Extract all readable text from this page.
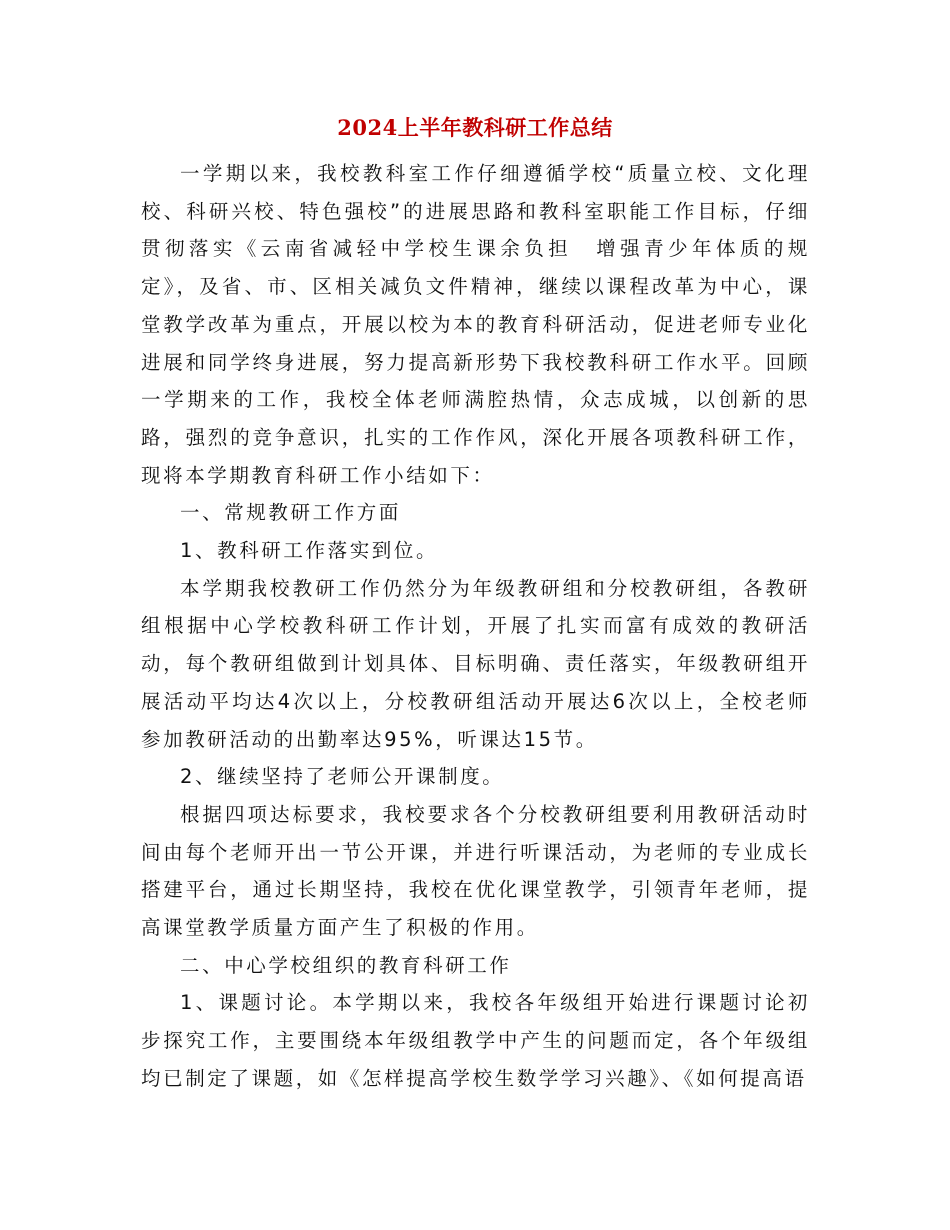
2024上半年教科研工作总结

一学期以来，我校教科室工作仔细遵循学校“质量立校、文化理校、科研兴校、特色强校”的进展思路和教科室职能工作目标，仔细贯彻落实《云南省减轻中学校生课余负担　增强青少年体质的规定》，及省、市、区相关减负文件精神，继续以课程改革为中心，课堂教学改革为重点，开展以校为本的教育科研活动，促进老师专业化进展和同学终身进展，努力提高新形势下我校教科研工作水平。回顾一学期来的工作，我校全体老师满腔热情，众志成城，以创新的思路，强烈的竞争意识，扎实的工作作风，深化开展各项教科研工作，现将本学期教育科研工作小结如下：

一、常规教研工作方面

1、教科研工作落实到位。

本学期我校教研工作仍然分为年级教研组和分校教研组，各教研组根据中心学校教科研工作计划，开展了扎实而富有成效的教研活动，每个教研组做到计划具体、目标明确、责任落实，年级教研组开展活动平均达4次以上，分校教研组活动开展达6次以上，全校老师参加教研活动的出勤率达95%，听课达15节。

2、继续坚持了老师公开课制度。

根据四项达标要求，我校要求各个分校教研组要利用教研活动时间由每个老师开出一节公开课，并进行听课活动，为老师的专业成长搭建平台，通过长期坚持，我校在优化课堂教学，引领青年老师，提高课堂教学质量方面产生了积极的作用。

二、中心学校组织的教育科研工作

1、课题讨论。本学期以来，我校各年级组开始进行课题讨论初步探究工作，主要围绕本年级组教学中产生的问题而定，各个年级组均已制定了课题，如《怎样提高学校生数学学习兴趣》、《如何提高语
